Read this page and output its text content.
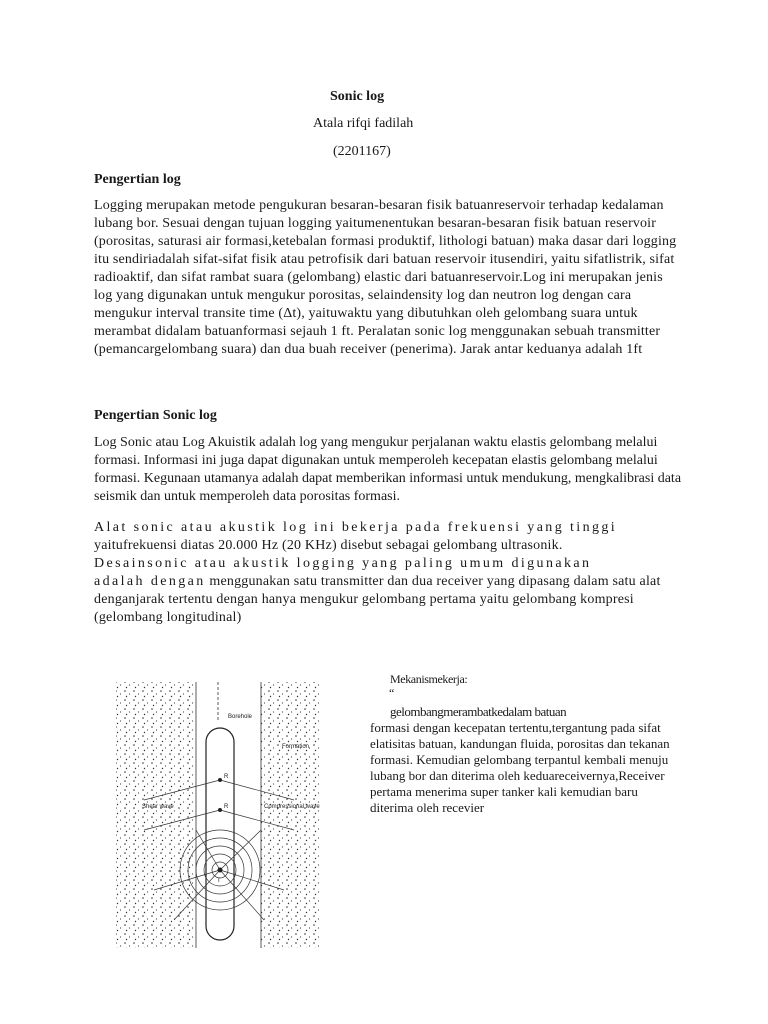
Sonic log
Atala rifqi fadilah
(2201167)
Pengertian log
Logging merupakan metode pengukuran besaran-besaran fisik batuanreservoir terhadap kedalaman lubang bor. Sesuai dengan tujuan logging yaitumenentukan besaran-besaran fisik batuan reservoir (porositas, saturasi air formasi,ketebalan formasi produktif, lithologi batuan) maka dasar dari logging itu sendiriadalah sifat-sifat fisik atau petrofisik dari batuan reservoir itusendiri, yaitu sifatlistrik, sifat radioaktif, dan sifat rambat suara (gelombang) elastic dari batuanreservoir.Log ini merupakan jenis log yang digunakan untuk mengukur porositas, selaindensity log dan neutron log dengan cara mengukur interval transite time (Δt), yaituwaktu yang dibutuhkan oleh gelombang suara untuk merambat didalam batuanformasi sejauh 1 ft. Peralatan sonic log menggunakan sebuah transmitter (pemancargelombang suara) dan dua buah receiver (penerima). Jarak antar keduanya adalah 1ft
Pengertian Sonic log
Log Sonic atau Log Akuistik adalah log yang mengukur perjalanan waktu elastis gelombang melalui formasi. Informasi ini juga dapat digunakan untuk memperoleh kecepatan elastis gelombang melalui formasi. Kegunaan utamanya adalah dapat memberikan informasi untuk mendukung, mengkalibrasi data seismik dan untuk memperoleh data porositas formasi.
Alat sonic atau akustik log ini bekerja pada frekuensi yang tinggi
yaitufrekuensi diatas 20.000 Hz (20 KHz) disebut sebagai gelombang ultrasonik.
Desainsonic atau akustik logging yang paling umum digunakan
adalah dengan menggunakan satu transmitter dan dua receiver yang dipasang dalam satu alat denganjarak tertentu dengan hanya mengukur gelombang pertama yaitu gelombang kompresi (gelombang longitudinal)
Borehole
Formation
Shear wave	Compressional wave
R
R
T
Mekanismekerja:
“
gelombangmerambatkedalam batuan
formasi dengan kecepatan tertentu,tergantung pada sifat elatisitas batuan, kandungan fluida, porositas dan tekanan formasi. Kemudian gelombang terpantul kembali menuju lubang bor dan diterima oleh keduareceivernya,Receiver pertama menerima super tanker kali kemudian baru diterima oleh recevier
